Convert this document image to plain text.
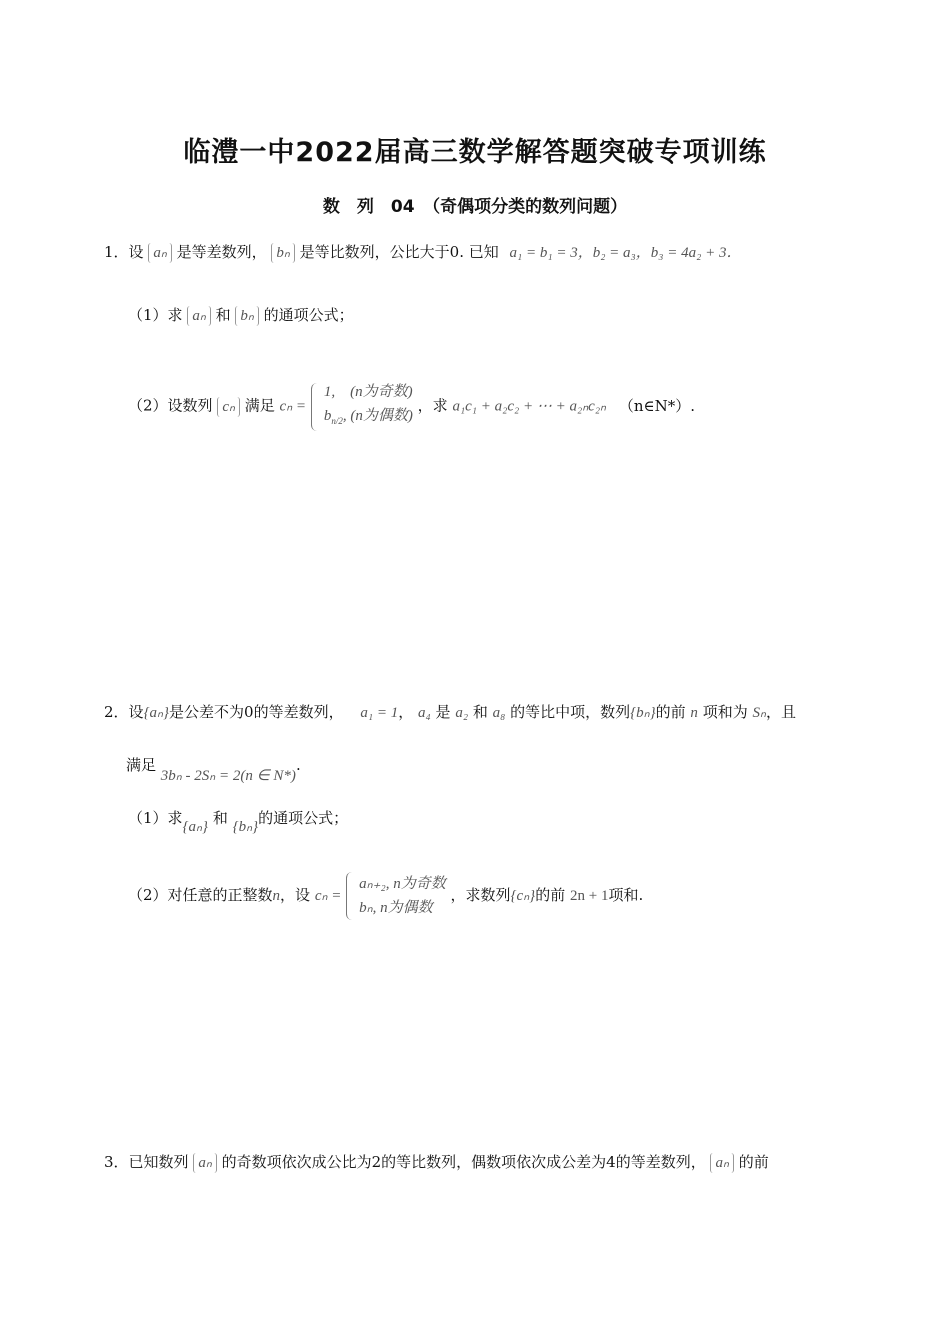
临澧一中2022届高三数学解答题突破专项训练
数　列　04　（奇偶项分类的数列问题）
1．设 aₙ 是等差数列， bₙ 是等比数列，公比大于0. 已知 a₁ = b₁ = 3，b₂ = a₃，b₃ = 4a₂ + 3．
（1）求 aₙ 和 bₙ 的通项公式；
（2）设数列 cₙ 满足 cₙ =
1,　(n为奇数)
$b_{n/2}$, (n为偶数)
，求 a₁c₁ + a₂c₂ + ⋯ + a₂ₙc₂ₙ （n∈N*）.
2．设{aₙ}是公差不为0的等差数列， a₁ = 1， a₄ 是 a₂ 和 a₈ 的等比中项，数列{bₙ}的前 n 项和为 Sₙ，且
满足 3bₙ - 2Sₙ = 2(n ∈ N*).
（1）求{aₙ} 和 {bₙ}的通项公式；
（2）对任意的正整数n，设 cₙ =
aₙ₊₂, n为奇数
bₙ, n为偶数
，求数列{cₙ}的前 2n + 1项和.
3．已知数列 aₙ 的奇数项依次成公比为2的等比数列，偶数项依次成公差为4的等差数列， aₙ 的前
